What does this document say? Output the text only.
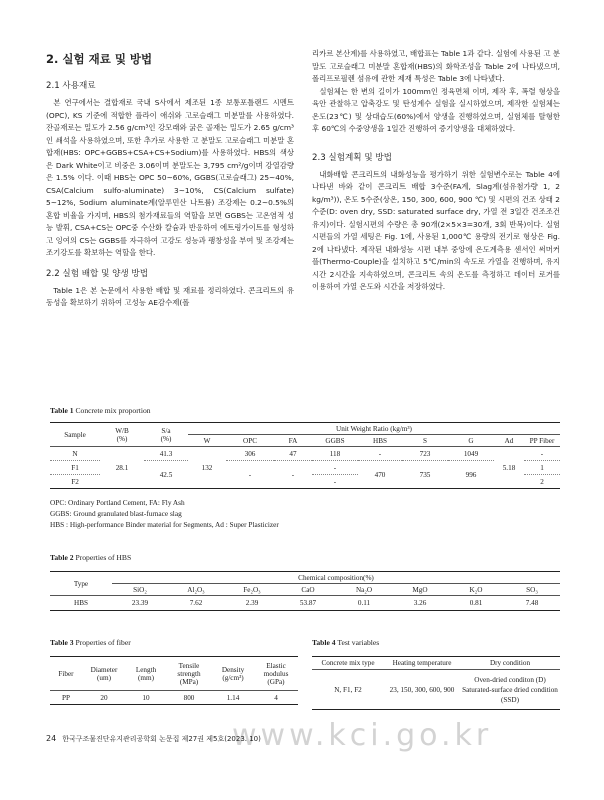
2. 실험 재료 및 방법
2.1 사용재료

본 연구에서는 결합재로 국내 S사에서 제조된 1종 보통포틀랜드 시멘트(OPC), KS 기준에 적합한 플라이 애쉬와 고로슬래그 미분말를 사용하였다. 잔골재로는 밀도가 2.56 g/cm³인 강모래와 굵은 골재는 밀도가 2.65 g/cm³인 쇄석을 사용하였으며, 또한 추가로 사용한 고 분말도 고로슬래그 미분말 혼합재(HBS: OPC+GGBS+CSA+CS+Sodium)를 사용하였다. HBS의 색상은 Dark White이고 비중은 3.06이며 분말도는 3,795 cm²/g이며 강열감량은 1.5% 이다. 이때 HBS는 OPC 50~60%, GGBS(고로슬래그) 25~40%, CSA(Calcium sulfo-aluminate) 3~10%, CS(Calcium sulfate) 5~12%, Sodium aluminate계(알루민산 나트륨) 조강제는 0.2~0.5%의 혼합 비율을 가지며, HBS의 첨가재료들의 역할을 보면 GGBS는 고온염적 성능 발휘, CSA+CS는 OPC중 수산화 칼슘과 반응하여 에트링가이트를 형성하고 잉여의 CS는 GGBS를 자극하여 고강도 성능과 팽창성을 부여 및 조강제는 조기강도를 확보하는 역할을 한다.

2.2 실험 배합 및 양생 방법

Table 1은 본 논문에서 사용한 배합 및 재료를 정리하였다. 콘크리트의 유동성을 확보하기 위하여 고성능 AE감수제(폴

리카르 본산계)를 사용하였고, 배합표는 Table 1과 같다. 실험에 사용된 고 분말도 고로슬래그 미분말 혼합재(HBS)의 화학조성을 Table 2에 나타냈으며, 폴리프로필렌 섬유에 관한 제재 특성은 Table 3에 나타냈다.

실험체는 한 변의 길이가 100mm인 정육면체 이며, 제작 후, 폭렬 형상을 육안 관찰하고 압축강도 및 탄성계수 실험을 실시하였으며, 제작한 실험체는 온도(23℃) 및 상대습도(60%)에서 양생을 진행하였으며, 실험체를 탈형한 후 60℃의 수중양생을 1일간 진행하여 증기양생을 대체하였다.

2.3 실험계획 및 방법

내화배합 콘크리트의 내화성능을 평가하기 위한 실험변수로는 Table 4에 나타낸 바와 같이 콘크리트 배합 3수준(FA계, Slag계(섬유첨가량 1, 2 kg/m³)), 온도 5수준(상온, 150, 300, 600, 900 ℃) 및 시편의 건조 상태 2수준(D: oven dry, SSD: saturated surface dry, 가열 전 3일간 건조조건 유지)이다. 실험시편의 수량은 총 90개(2×5×3=30개, 3회 반복)이다. 실험시편들의 가열 세팅은 Fig. 1에, 사용된 1,000℃ 용량의 전기로 형상은 Fig. 2에 나타냈다. 제작된 내화성능 시편 내부 중앙에 온도계측용 센서인 써머커플(Thermo-Couple)을 설치하고 5℃/min의 속도로 가열을 진행하며, 유지시간 2시간을 지속하였으며, 콘크리트 속의 온도를 측정하고 데이터 로거를 이용하여 가열 온도와 시간을 저장하였다.

Table 1 Concrete mix proportion
Sample	W/B
(%)	S/a
(%)	Unit Weight Ratio (kg/m³)								
			W	OPC	FA	GGBS	HBS	S	G	Ad	PP Fiber
N	28.1	41.3	132	306	47	118	-	723	1049	5.18	-
F1		42.5		-	-	-	470	735	996		1
F2						-					2
OPC: Ordinary Portland Cement, FA: Fly Ash
GGBS: Ground granulated blast-furnace slag
HBS : High-performance Binder material for Segments, Ad : Super Plasticizer
Table 2 Properties of HBS
Type	Chemical composition(%)							
	SiO₂	Al₂O₃	Fe₂O₃	CaO	Na₂O	MgO	K₂O	SO₃
HBS	23.39	7.62	2.39	53.87	0.11	3.26	0.81	7.48
Table 3 Properties of fiber
Fiber	Diameter (um)	Length (mm)	Tensile strength (MPa)	Density (g/cm³)	Elastic modulus (GPa)
PP	20	10	800	1.14	4
Table 4 Test variables
Concrete mix type	Heating temperature	Dry condition
N, F1, F2	23, 150, 300, 600, 900	Oven-dried conditon (D)
Saturated-surface dried condition (SSD)
www.kci.go.kr
24 한국구조물진단유지관리공학회 논문집 제27권 제5호(2023. 10)
